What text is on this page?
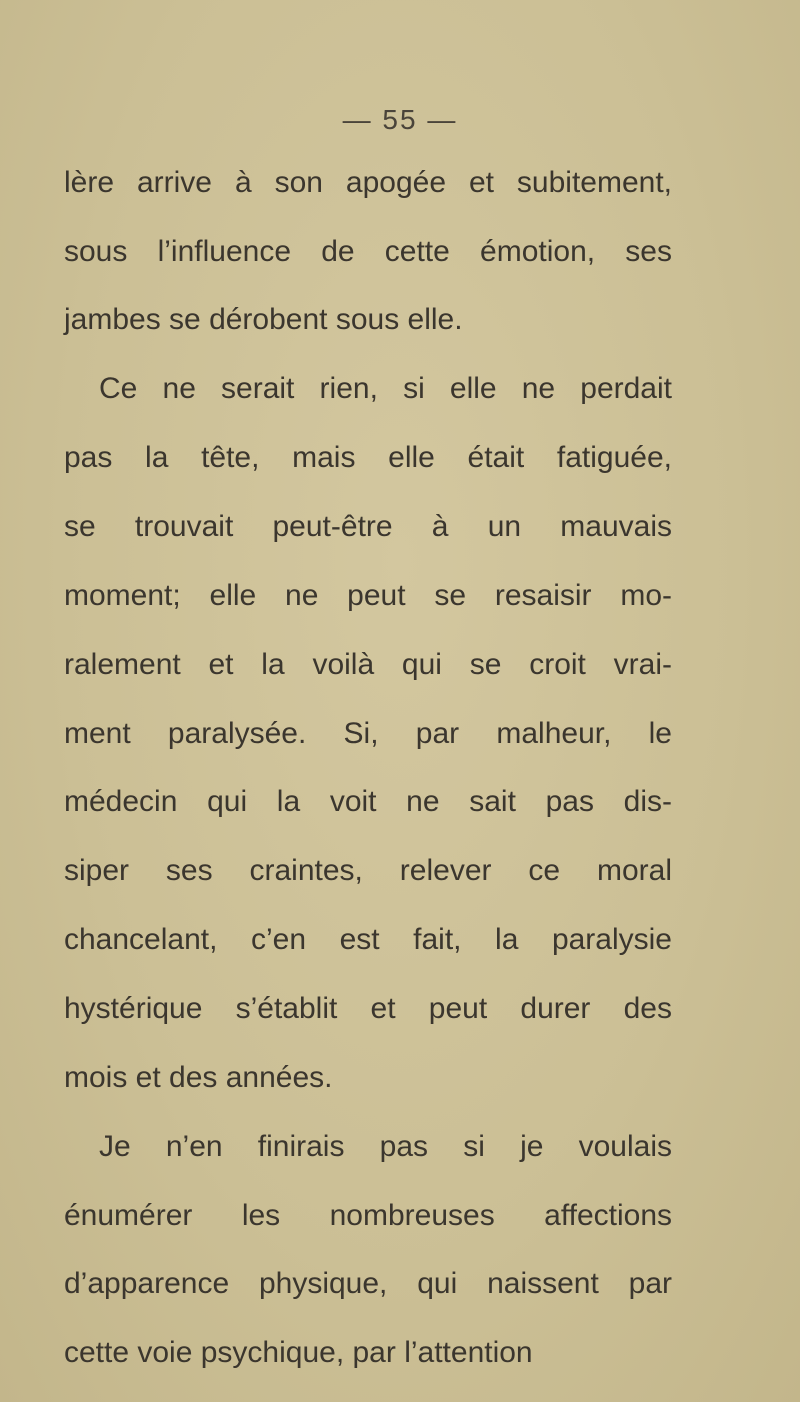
— 55 —
lère arrive à son apogée et subitement,
sous l’influence de cette émotion, ses
jambes se dérobent sous elle.
Ce ne serait rien, si elle ne perdait
pas la tête, mais elle était fatiguée,
se trouvait peut-être à un mauvais
moment; elle ne peut se resaisir mo-
ralement et la voilà qui se croit vrai-
ment paralysée. Si, par malheur, le
médecin qui la voit ne sait pas dis-
siper ses craintes, relever ce moral
chancelant, c’en est fait, la paralysie
hystérique s’établit et peut durer des
mois et des années.
Je n’en finirais pas si je voulais
énumérer les nombreuses affections
d’apparence physique, qui naissent par
cette voie psychique, par l’attention
